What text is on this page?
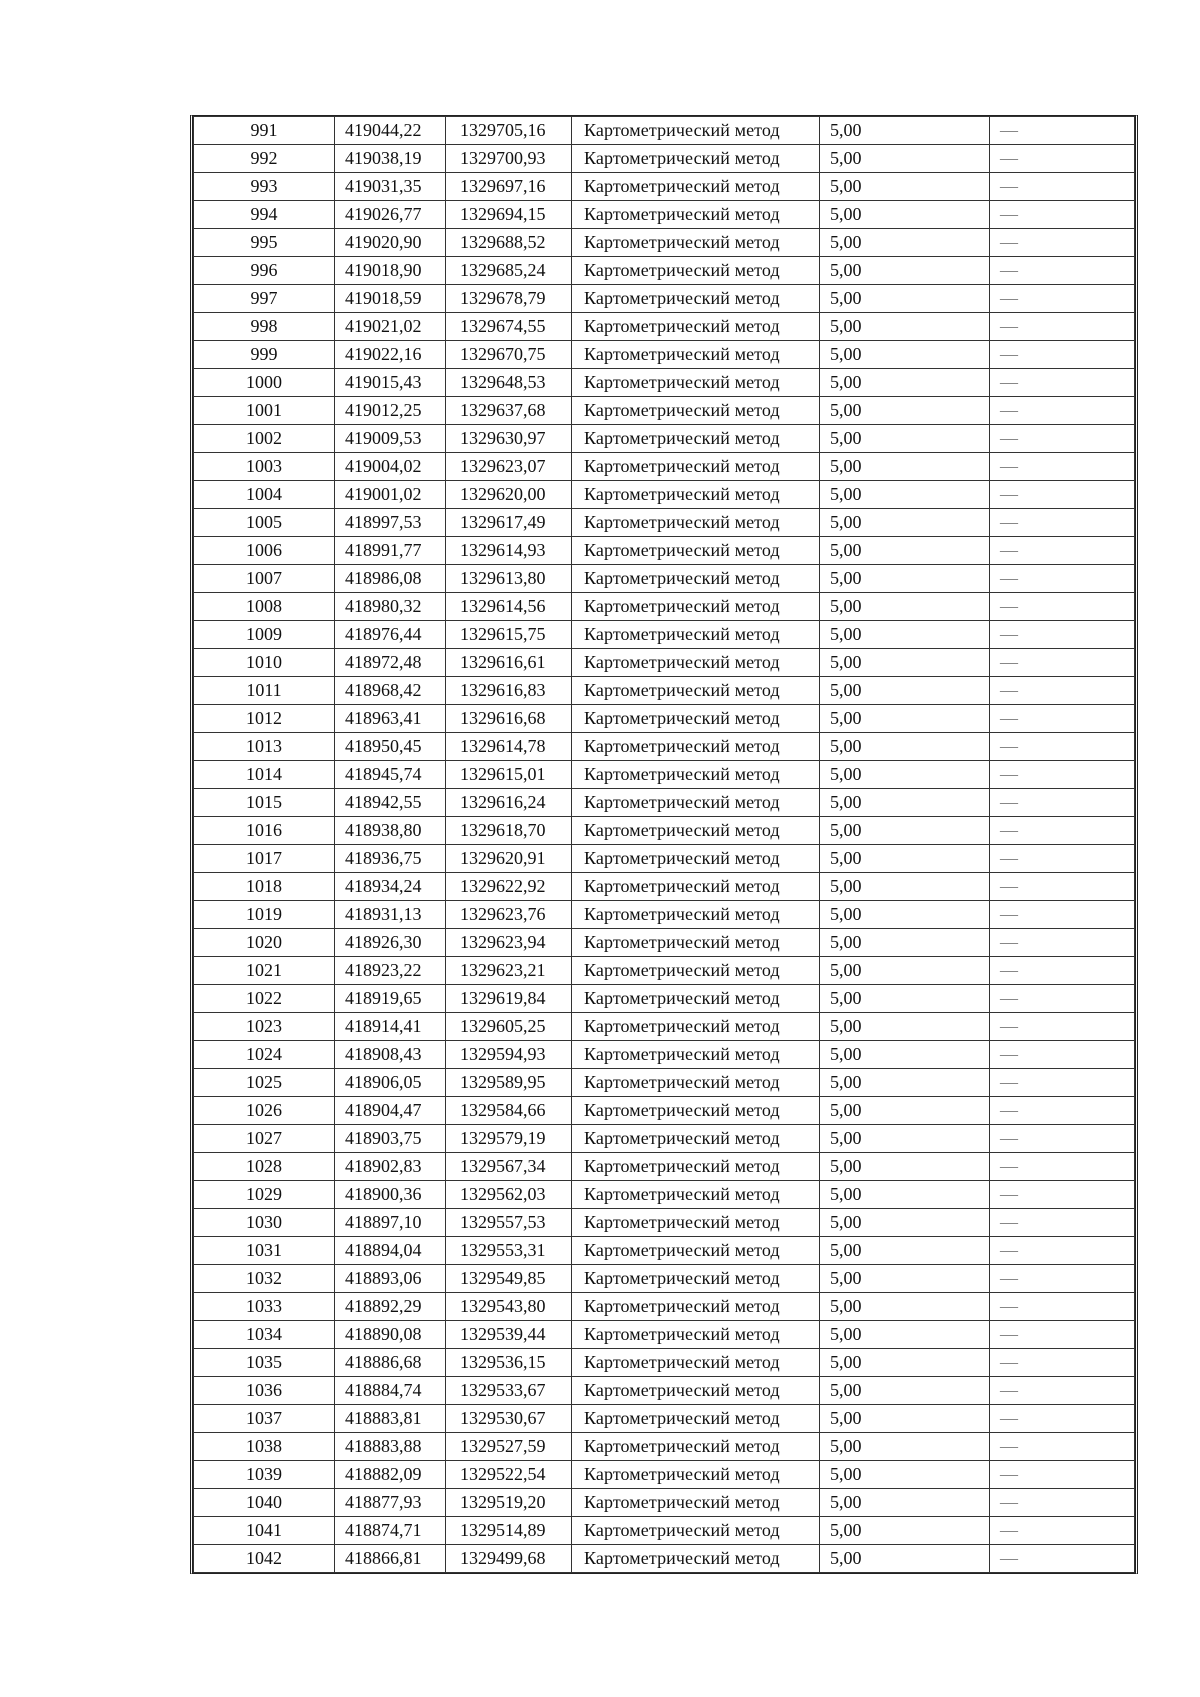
991	419044,22	1329705,16	Картометрический метод	5,00	—
992	419038,19	1329700,93	Картометрический метод	5,00	—
993	419031,35	1329697,16	Картометрический метод	5,00	—
994	419026,77	1329694,15	Картометрический метод	5,00	—
995	419020,90	1329688,52	Картометрический метод	5,00	—
996	419018,90	1329685,24	Картометрический метод	5,00	—
997	419018,59	1329678,79	Картометрический метод	5,00	—
998	419021,02	1329674,55	Картометрический метод	5,00	—
999	419022,16	1329670,75	Картометрический метод	5,00	—
1000	419015,43	1329648,53	Картометрический метод	5,00	—
1001	419012,25	1329637,68	Картометрический метод	5,00	—
1002	419009,53	1329630,97	Картометрический метод	5,00	—
1003	419004,02	1329623,07	Картометрический метод	5,00	—
1004	419001,02	1329620,00	Картометрический метод	5,00	—
1005	418997,53	1329617,49	Картометрический метод	5,00	—
1006	418991,77	1329614,93	Картометрический метод	5,00	—
1007	418986,08	1329613,80	Картометрический метод	5,00	—
1008	418980,32	1329614,56	Картометрический метод	5,00	—
1009	418976,44	1329615,75	Картометрический метод	5,00	—
1010	418972,48	1329616,61	Картометрический метод	5,00	—
1011	418968,42	1329616,83	Картометрический метод	5,00	—
1012	418963,41	1329616,68	Картометрический метод	5,00	—
1013	418950,45	1329614,78	Картометрический метод	5,00	—
1014	418945,74	1329615,01	Картометрический метод	5,00	—
1015	418942,55	1329616,24	Картометрический метод	5,00	—
1016	418938,80	1329618,70	Картометрический метод	5,00	—
1017	418936,75	1329620,91	Картометрический метод	5,00	—
1018	418934,24	1329622,92	Картометрический метод	5,00	—
1019	418931,13	1329623,76	Картометрический метод	5,00	—
1020	418926,30	1329623,94	Картометрический метод	5,00	—
1021	418923,22	1329623,21	Картометрический метод	5,00	—
1022	418919,65	1329619,84	Картометрический метод	5,00	—
1023	418914,41	1329605,25	Картометрический метод	5,00	—
1024	418908,43	1329594,93	Картометрический метод	5,00	—
1025	418906,05	1329589,95	Картометрический метод	5,00	—
1026	418904,47	1329584,66	Картометрический метод	5,00	—
1027	418903,75	1329579,19	Картометрический метод	5,00	—
1028	418902,83	1329567,34	Картометрический метод	5,00	—
1029	418900,36	1329562,03	Картометрический метод	5,00	—
1030	418897,10	1329557,53	Картометрический метод	5,00	—
1031	418894,04	1329553,31	Картометрический метод	5,00	—
1032	418893,06	1329549,85	Картометрический метод	5,00	—
1033	418892,29	1329543,80	Картометрический метод	5,00	—
1034	418890,08	1329539,44	Картометрический метод	5,00	—
1035	418886,68	1329536,15	Картометрический метод	5,00	—
1036	418884,74	1329533,67	Картометрический метод	5,00	—
1037	418883,81	1329530,67	Картометрический метод	5,00	—
1038	418883,88	1329527,59	Картометрический метод	5,00	—
1039	418882,09	1329522,54	Картометрический метод	5,00	—
1040	418877,93	1329519,20	Картометрический метод	5,00	—
1041	418874,71	1329514,89	Картометрический метод	5,00	—
1042	418866,81	1329499,68	Картометрический метод	5,00	—
